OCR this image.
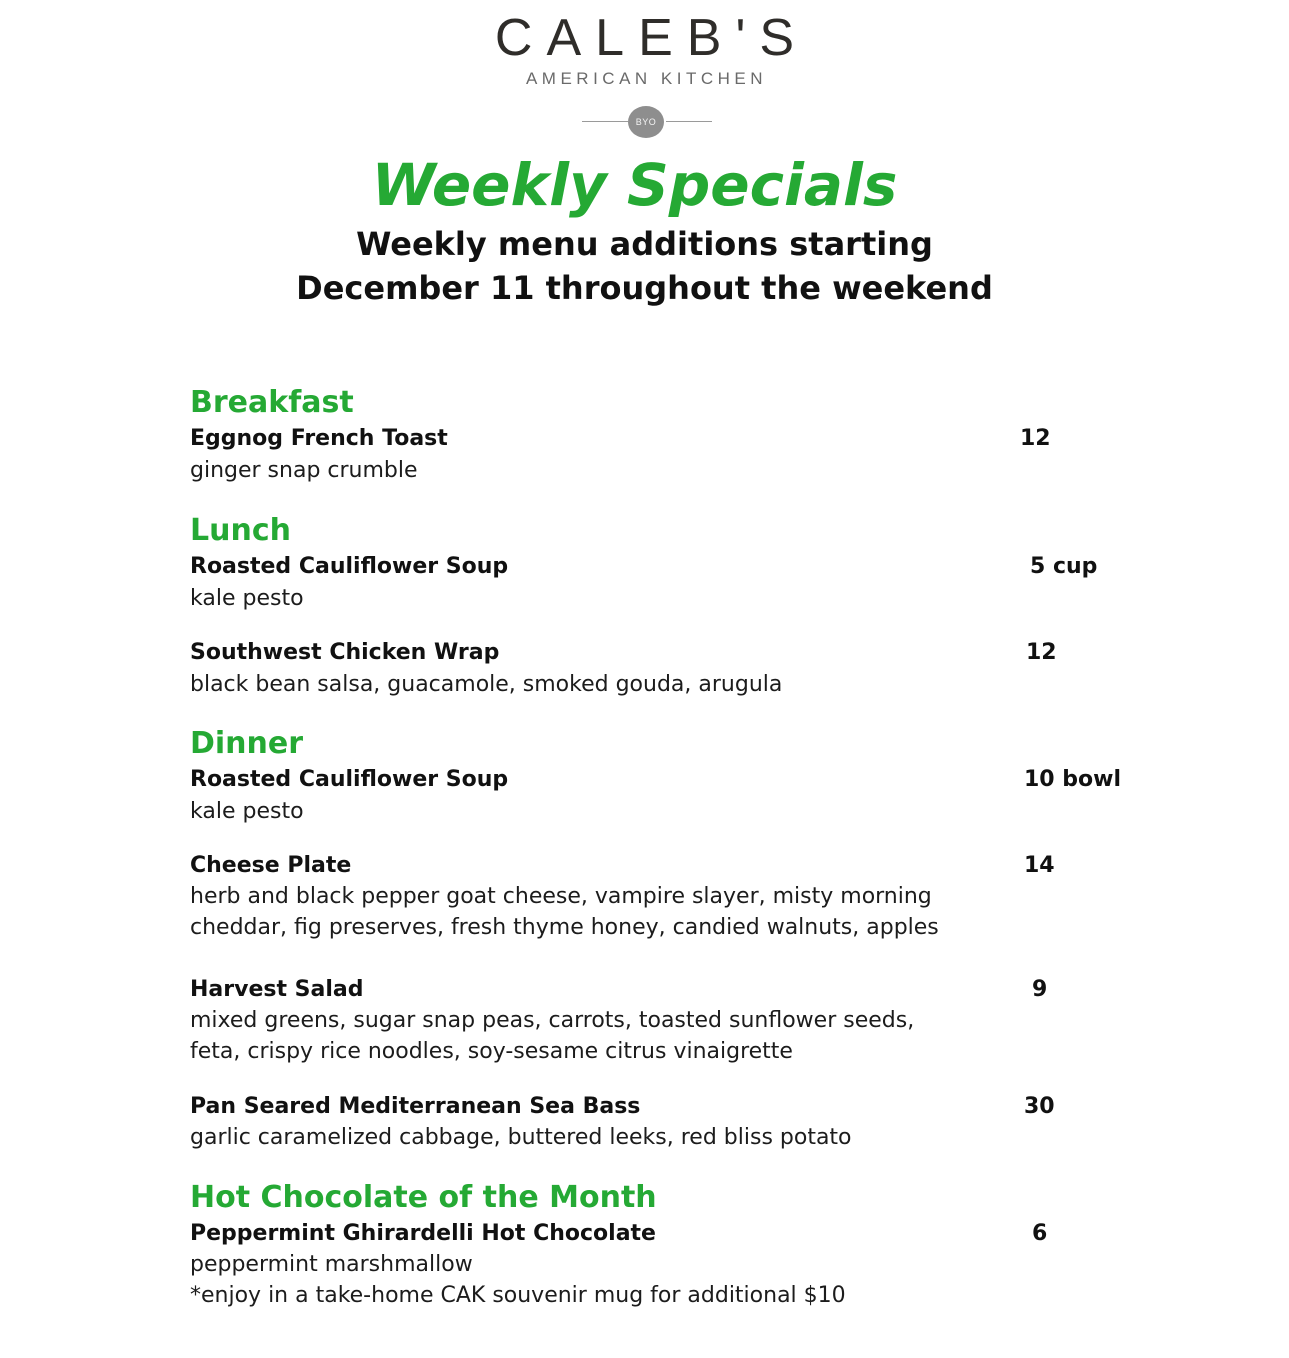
CALEB'S
AMERICAN KITCHEN
BYO
Weekly Specials
Weekly menu additions starting
December 11 throughout the weekend
Breakfast
Eggnog French Toast	12
ginger snap crumble
Lunch
Roasted Cauliflower Soup	5 cup
kale pesto
Southwest Chicken Wrap	12
black bean salsa, guacamole, smoked gouda, arugula
Dinner
Roasted Cauliflower Soup	10 bowl
kale pesto
Cheese Plate	14
herb and black pepper goat cheese, vampire slayer, misty morning
cheddar, fig preserves, fresh thyme honey, candied walnuts, apples
Harvest Salad	9
mixed greens, sugar snap peas, carrots, toasted sunflower seeds,
feta, crispy rice noodles, soy-sesame citrus vinaigrette
Pan Seared Mediterranean Sea Bass	30
garlic caramelized cabbage, buttered leeks, red bliss potato
Hot Chocolate of the Month
Peppermint Ghirardelli Hot Chocolate	6
peppermint marshmallow
*enjoy in a take-home CAK souvenir mug for additional $10
